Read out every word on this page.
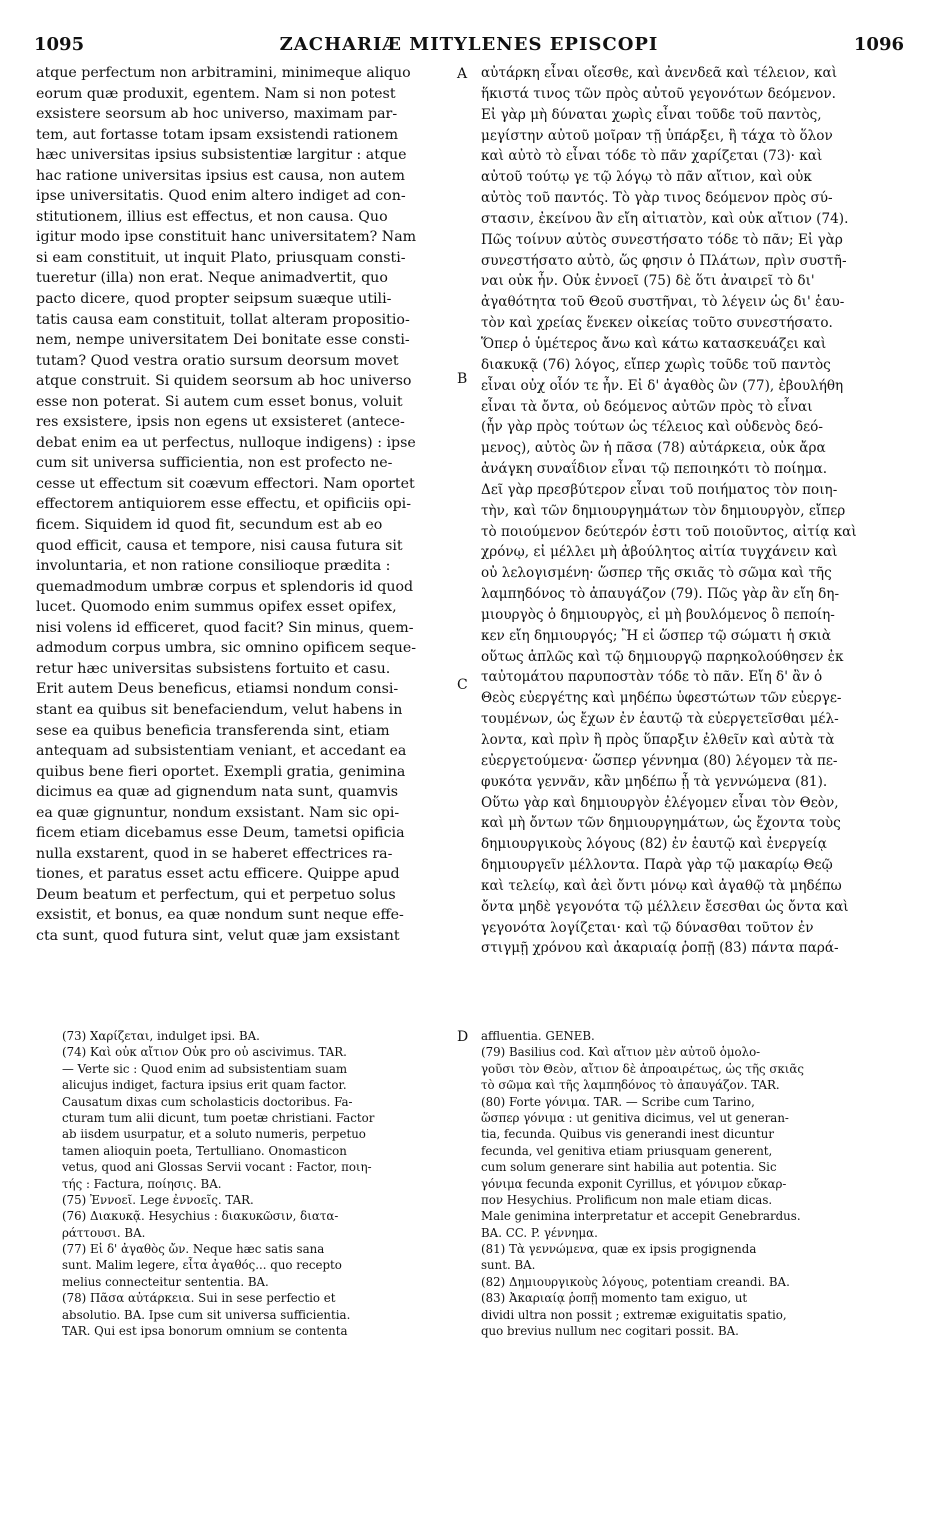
1095	ZACHARIÆ MITYLENES EPISCOPI	1096
atque perfectum non arbitramini, minimeque aliquo
eorum quæ produxit, egentem. Nam si non potest
exsistere seorsum ab hoc universo, maximam par-
tem, aut fortasse totam ipsam exsistendi rationem
hæc universitas ipsius subsistentiæ largitur : atque
hac ratione universitas ipsius est causa, non autem
ipse universitatis. Quod enim altero indiget ad con-
stitutionem, illius est effectus, et non causa. Quo
igitur modo ipse constituit hanc universitatem? Nam
si eam constituit, ut inquit Plato, priusquam consti-
tueretur (illa) non erat. Neque animadvertit, quo
pacto dicere, quod propter seipsum suæque utili-
tatis causa eam constituit, tollat alteram propositio-
nem, nempe universitatem Dei bonitate esse consti-
tutam? Quod vestra oratio sursum deorsum movet
atque construit. Si quidem seorsum ab hoc universo
esse non poterat. Si autem cum esset bonus, voluit
res exsistere, ipsis non egens ut exsisteret (antece-
debat enim ea ut perfectus, nulloque indigens) : ipse
cum sit universa sufficientia, non est profecto ne-
cesse ut effectum sit coævum effectori. Nam oportet
effectorem antiquiorem esse effectu, et opificiis opi-
ficem. Siquidem id quod fit, secundum est ab eo
quod efficit, causa et tempore, nisi causa futura sit
involuntaria, et non ratione consilioque prædita :
quemadmodum umbræ corpus et splendoris id quod
lucet. Quomodo enim summus opifex esset opifex,
nisi volens id efficeret, quod facit? Sin minus, quem-
admodum corpus umbra, sic omnino opificem seque-
retur hæc universitas subsistens fortuito et casu.
Erit autem Deus beneficus, etiamsi nondum consi-
stant ea quibus sit benefaciendum, velut habens in
sese ea quibus beneficia transferenda sint, etiam
antequam ad subsistentiam veniant, et accedant ea
quibus bene fieri oportet. Exempli gratia, genimina
dicimus ea quæ ad gignendum nata sunt, quamvis
ea quæ gignuntur, nondum exsistant. Nam sic opi-
ficem etiam dicebamus esse Deum, tametsi opificia
nulla exstarent, quod in se haberet effectrices ra-
tiones, et paratus esset actu efficere. Quippe apud
Deum beatum et perfectum, qui et perpetuo solus
exsistit, et bonus, ea quæ nondum sunt neque effe-
cta sunt, quod futura sint, velut quæ jam exsistant
αὐτάρκη εἶναι οἴεσθε, καὶ ἀνενδεᾶ καὶ τέλειον, καὶ
ἥκιστά τινος τῶν πρὸς αὐτοῦ γεγονότων δεόμενον.
Εἰ γὰρ μὴ δύναται χωρὶς εἶναι τοῦδε τοῦ παντὸς,
μεγίστην αὐτοῦ μοῖραν τῇ ὑπάρξει, ἢ τάχα τὸ ὅλον
καὶ αὐτὸ τὸ εἶναι τόδε τὸ πᾶν χαρίζεται (73)· καὶ
αὐτοῦ τούτῳ γε τῷ λόγῳ τὸ πᾶν αἴτιον, καὶ οὐκ
αὐτὸς τοῦ παντός. Τὸ γὰρ τινος δεόμενον πρὸς σύ-
στασιν, ἐκείνου ἂν εἴη αἰτιατὸν, καὶ οὐκ αἴτιον (74).
Πῶς τοίνυν αὐτὸς συνεστήσατο τόδε τὸ πᾶν; Εἰ γὰρ
συνεστήσατο αὐτὸ, ὥς φησιν ὁ Πλάτων, πρὶν συστῆ-
ναι οὐκ ἦν. Οὐκ ἐννοεῖ (75) δὲ ὅτι ἀναιρεῖ τὸ δι'
ἀγαθότητα τοῦ Θεοῦ συστῆναι, τὸ λέγειν ὡς δι' ἑαυ-
τὸν καὶ χρείας ἕνεκεν οἰκείας τοῦτο συνεστήσατο.
Ὅπερ ὁ ὑμέτερος ἄνω καὶ κάτω κατασκευάζει καὶ
διακυκᾷ (76) λόγος, εἴπερ χωρὶς τοῦδε τοῦ παντὸς
εἶναι οὐχ οἷόν τε ἦν. Εἰ δ' ἀγαθὸς ὢν (77), ἐβουλήθη
εἶναι τὰ ὄντα, οὐ δεόμενος αὐτῶν πρὸς τὸ εἶναι
(ἦν γὰρ πρὸς τούτων ὡς τέλειος καὶ οὐδενὸς δεό-
μενος), αὐτὸς ὢν ἡ πᾶσα (78) αὐτάρκεια, οὐκ ἄρα
ἀνάγκη συναΐδιον εἶναι τῷ πεποιηκότι τὸ ποίημα.
Δεῖ γὰρ πρεσβύτερον εἶναι τοῦ ποιήματος τὸν ποιη-
τὴν, καὶ τῶν δημιουργημάτων τὸν δημιουργὸν, εἴπερ
τὸ ποιούμενον δεύτερόν ἐστι τοῦ ποιοῦντος, αἰτίᾳ καὶ
χρόνῳ, εἰ μέλλει μὴ ἀβούλητος αἰτία τυγχάνειν καὶ
οὐ λελογισμένη· ὥσπερ τῆς σκιᾶς τὸ σῶμα καὶ τῆς
λαμπηδόνος τὸ ἀπαυγάζον (79). Πῶς γὰρ ἂν εἴη δη-
μιουργὸς ὁ δημιουργὸς, εἰ μὴ βουλόμενος ὃ πεποίη-
κεν εἴη δημιουργός; Ἢ εἰ ὥσπερ τῷ σώματι ἡ σκιὰ
οὕτως ἁπλῶς καὶ τῷ δημιουργῷ παρηκολούθησεν ἐκ
ταὐτομάτου παρυποστὰν τόδε τὸ πᾶν. Εἴη δ' ἂν ὁ
Θεὸς εὐεργέτης καὶ μηδέπω ὑφεστώτων τῶν εὐεργε-
τουμένων, ὡς ἔχων ἐν ἑαυτῷ τὰ εὐεργετεῖσθαι μέλ-
λοντα, καὶ πρὶν ἢ πρὸς ὕπαρξιν ἐλθεῖν καὶ αὐτὰ τὰ
εὐεργετούμενα· ὥσπερ γέννημα (80) λέγομεν τὰ πε-
φυκότα γεννᾶν, κἂν μηδέπω ᾖ τὰ γεννώμενα (81).
Οὕτω γὰρ καὶ δημιουργὸν ἐλέγομεν εἶναι τὸν Θεὸν,
καὶ μὴ ὄντων τῶν δημιουργημάτων, ὡς ἔχοντα τοὺς
δημιουργικοὺς λόγους (82) ἐν ἑαυτῷ καὶ ἐνεργείᾳ
δημιουργεῖν μέλλοντα. Παρὰ γὰρ τῷ μακαρίῳ Θεῷ
καὶ τελείῳ, καὶ ἀεὶ ὄντι μόνῳ καὶ ἀγαθῷ τὰ μηδέπω
ὄντα μηδὲ γεγονότα τῷ μέλλειν ἔσεσθαι ὡς ὄντα καὶ
γεγονότα λογίζεται· καὶ τῷ δύνασθαι τοῦτον ἐν
στιγμῇ χρόνου καὶ ἀκαριαίᾳ ῥοπῇ (83) πάντα παρά-
(73) Χαρίζεται, indulget ipsi. BA.
(74) Καὶ οὐκ αἴτιον Οὐκ pro οὐ ascivimus. TAR.
— Verte sic : Quod enim ad subsistentiam suam
alicujus indiget, factura ipsius erit quam factor.
Causatum dixas cum scholasticis doctoribus. Fa-
cturam tum alii dicunt, tum poetæ christiani. Factor
ab iisdem usurpatur, et a soluto numeris, perpetuo
tamen alioquin poeta, Tertulliano. Onomasticon
vetus, quod ani Glossas Servii vocant : Factor, ποιη-
τής : Factura, ποίησις. BA.
(75) Ἐννοεῖ. Lege ἐννοεῖς. TAR.
(76) Διακυκᾷ. Hesychius : διακυκῶσιν, διατα-
ράττουσι. BA.
(77) Εἰ δ' ἀγαθὸς ὤν. Neque hæc satis sana
sunt. Malim legere, εἶτα ἀγαθός... quo recepto
melius connecteitur sententia. BA.
(78) Πᾶσα αὐτάρκεια. Sui in sese perfectio et
absolutio. BA. Ipse cum sit universa sufficientia.
TAR. Qui est ipsa bonorum omnium se contenta
affluentia. GENEB.
(79) Basilius cod. Καὶ αἴτιον μὲν αὐτοῦ ὁμολο-
γοῦσι τὸν Θεὸν, αἴτιον δὲ ἀπροαιρέτως, ὡς τῆς σκιᾶς
τὸ σῶμα καὶ τῆς λαμπηδόνος τὸ ἀπαυγάζον. TAR.
(80) Forte γόνιμα. TAR. — Scribe cum Tarino,
ὥσπερ γόνιμα : ut genitiva dicimus, vel ut generan-
tia, fecunda. Quibus vis generandi inest dicuntur
fecunda, vel genitiva etiam priusquam generent,
cum solum generare sint habilia aut potentia. Sic
γόνιμα fecunda exponit Cyrillus, et γόνιμον εὔκαρ-
πον Hesychius. Prolificum non male etiam dicas.
Male genimina interpretatur et accepit Genebrardus.
BA. CC. P. γέννημα.
(81) Τὰ γεννώμενα, quæ ex ipsis progignenda
sunt. BA.
(82) Δημιουργικοὺς λόγους, potentiam creandi. BA.
(83) Ἀκαριαίᾳ ῥοπῇ momento tam exiguo, ut
dividi ultra non possit ; extremæ exiguitatis spatio,
quo brevius nullum nec cogitari possit. BA.
A
B
C
D
